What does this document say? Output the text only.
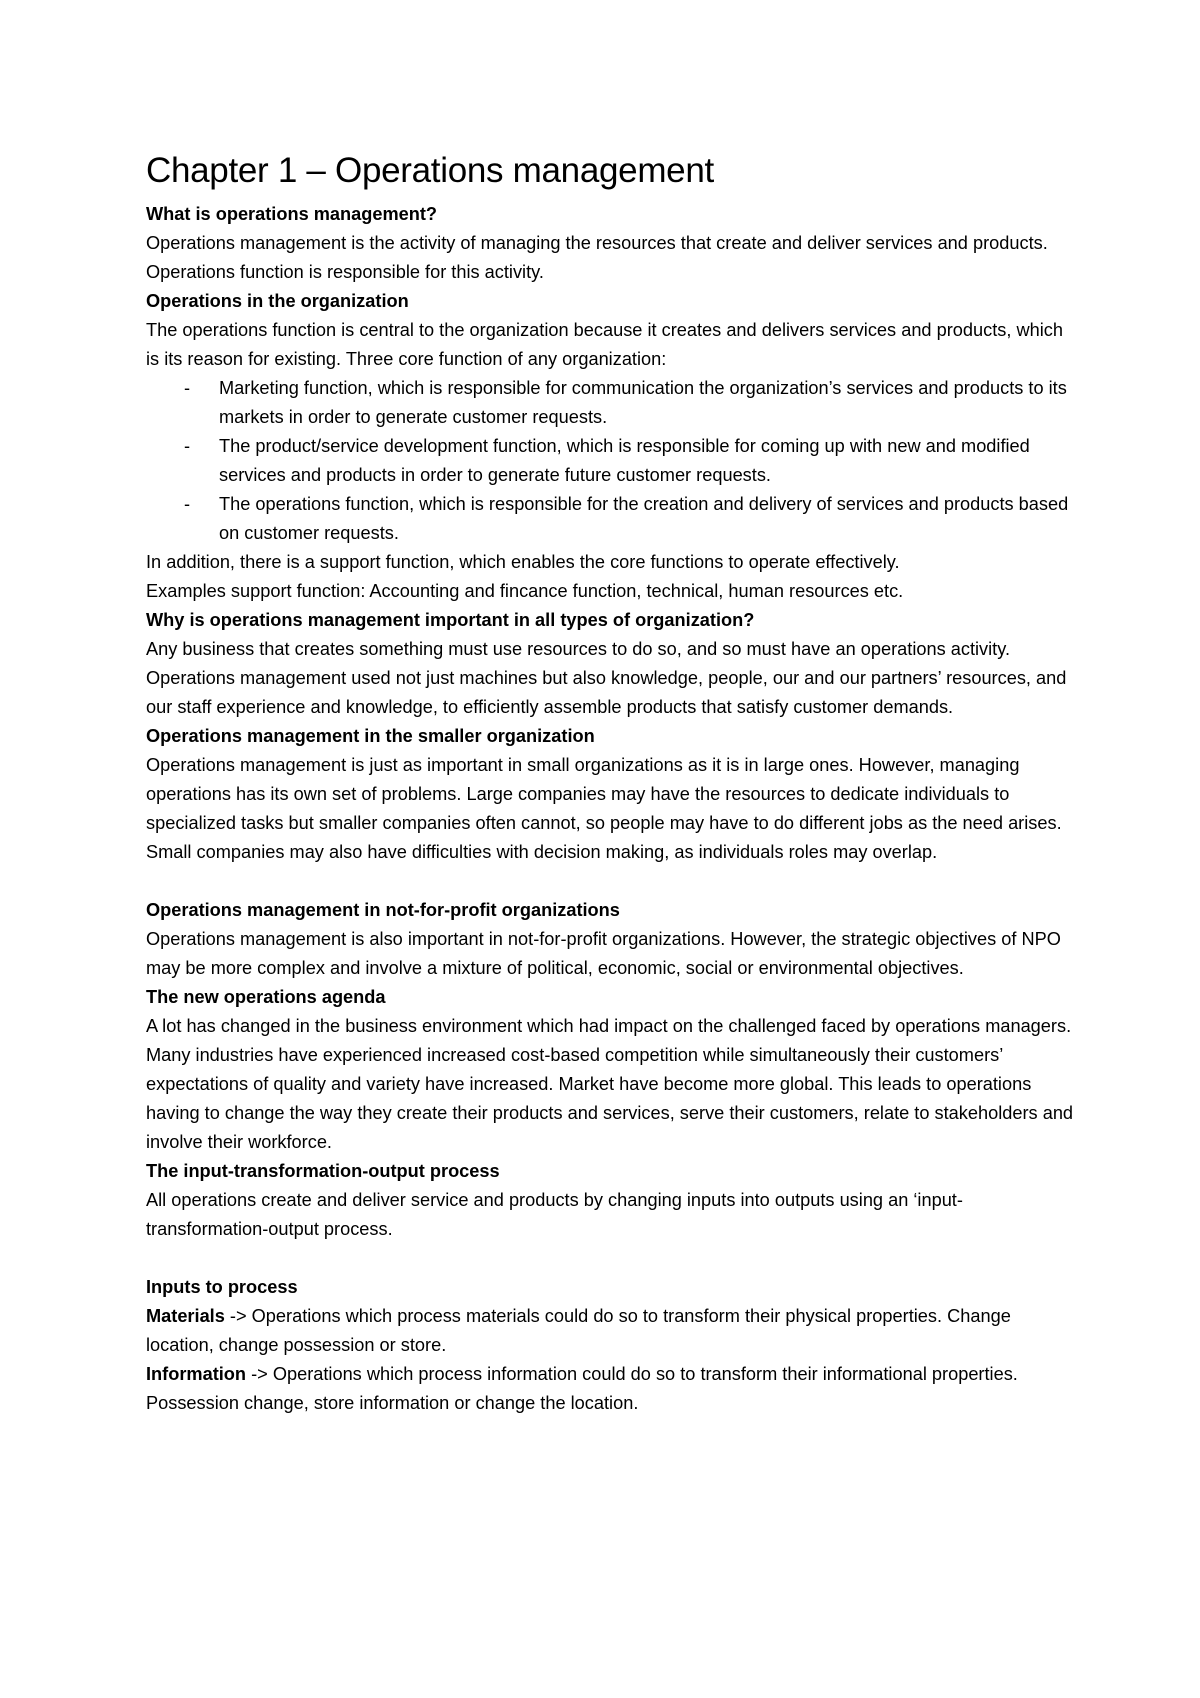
Chapter 1 – Operations management
What is operations management?

Operations management is the activity of managing the resources that create and deliver services and products. Operations function is responsible for this activity.

Operations in the organization

The operations function is central to the organization because it creates and delivers services and products, which is its reason for existing. Three core function of any organization:

- Marketing function, which is responsible for communication the organization’s services and products to its markets in order to generate customer requests.
- The product/service development function, which is responsible for coming up with new and modified services and products in order to generate future customer requests.
- The operations function, which is responsible for the creation and delivery of services and products based on customer requests.

In addition, there is a support function, which enables the core functions to operate effectively.

Examples support function: Accounting and fincance function, technical, human resources etc.

Why is operations management important in all types of organization?

Any business that creates something must use resources to do so, and so must have an operations activity. Operations management used not just machines but also knowledge, people, our and our partners’ resources, and our staff experience and knowledge, to efficiently assemble products that satisfy customer demands.

Operations management in the smaller organization

Operations management is just as important in small organizations as it is in large ones. However, managing operations has its own set of problems. Large companies may have the resources to dedicate individuals to specialized tasks but smaller companies often cannot, so people may have to do different jobs as the need arises. Small companies may also have difficulties with decision making, as individuals roles may overlap.

Operations management in not-for-profit organizations

Operations management is also important in not-for-profit organizations. However, the strategic objectives of NPO may be more complex and involve a mixture of political, economic, social or environmental objectives.

The new operations agenda

A lot has changed in the business environment which had impact on the challenged faced by operations managers. Many industries have experienced increased cost-based competition while simultaneously their customers’ expectations of quality and variety have increased. Market have become more global. This leads to operations having to change the way they create their products and services, serve their customers, relate to stakeholders and involve their workforce.

The input-transformation-output process

All operations create and deliver service and products by changing inputs into outputs using an ‘input-transformation-output process.

Inputs to process

Materials -> Operations which process materials could do so to transform their physical properties. Change location, change possession or store.

Information -> Operations which process information could do so to transform their informational properties. Possession change, store information or change the location.
